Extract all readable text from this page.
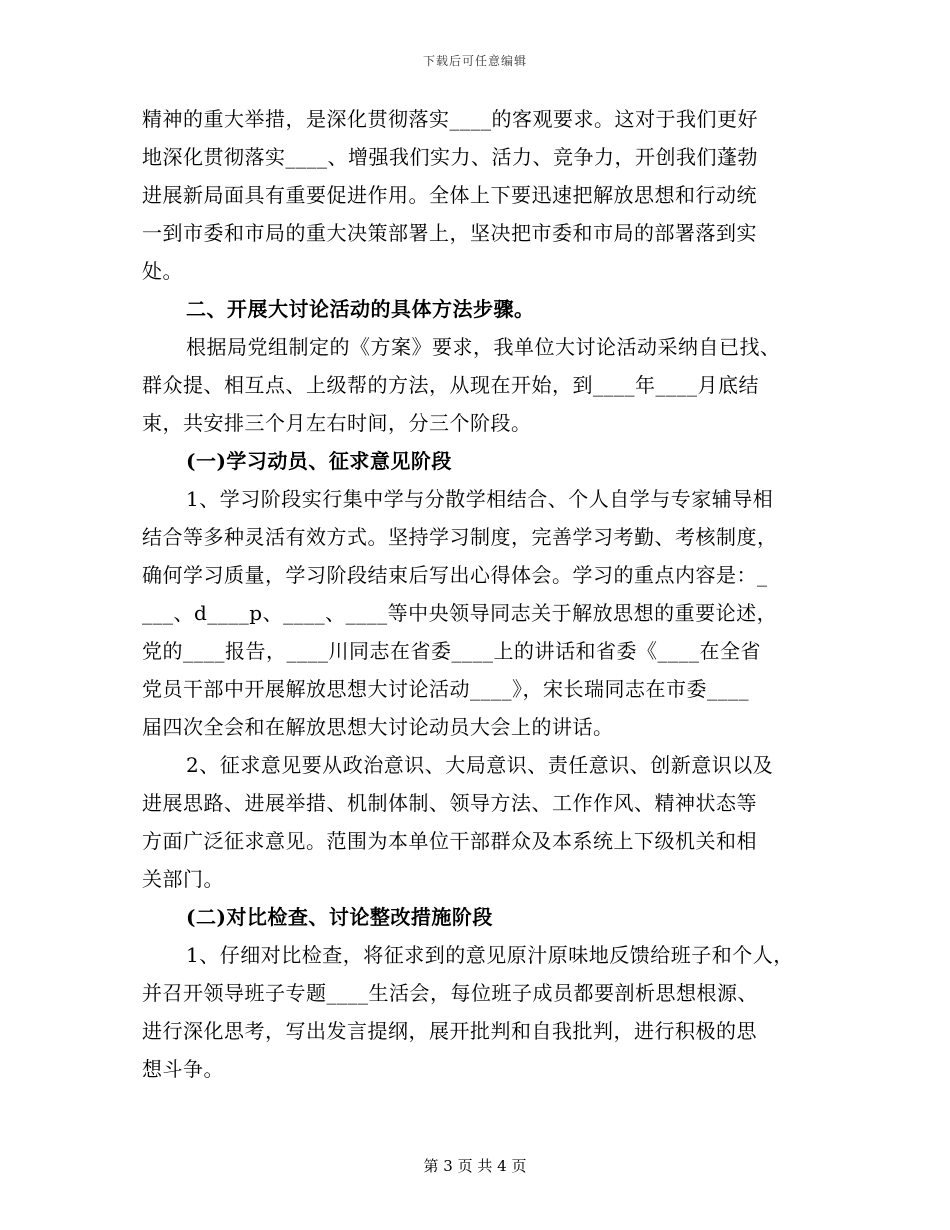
下载后可任意编辑
精神的重大举措，是深化贯彻落实____的客观要求。这对于我们更好
地深化贯彻落实____、增强我们实力、活力、竞争力，开创我们蓬勃
进展新局面具有重要促进作用。全体上下要迅速把解放思想和行动统
一到市委和市局的重大决策部署上，坚决把市委和市局的部署落到实
处。
二、开展大讨论活动的具体方法步骤。
根据局党组制定的《方案》要求，我单位大讨论活动采纳自已找、
群众提、相互点、上级帮的方法，从现在开始，到____年____月底结
束，共安排三个月左右时间，分三个阶段。
(一)学习动员、征求意见阶段
1、学习阶段实行集中学与分散学相结合、个人自学与专家辅导相
结合等多种灵活有效方式。坚持学习制度，完善学习考勤、考核制度，
确何学习质量，学习阶段结束后写出心得体会。学习的重点内容是：_
___、d____p、____、____等中央领导同志关于解放思想的重要论述，
党的____报告，____川同志在省委____上的讲话和省委《____在全省
党员干部中开展解放思想大讨论活动____》，宋长瑞同志在市委____
届四次全会和在解放思想大讨论动员大会上的讲话。
2、征求意见要从政治意识、大局意识、责任意识、创新意识以及
进展思路、进展举措、机制体制、领导方法、工作作风、精神状态等
方面广泛征求意见。范围为本单位干部群众及本系统上下级机关和相
关部门。
(二)对比检查、讨论整改措施阶段
1、仔细对比检查，将征求到的意见原汁原味地反馈给班子和个人，
并召开领导班子专题____生活会，每位班子成员都要剖析思想根源、
进行深化思考，写出发言提纲，展开批判和自我批判，进行积极的思
想斗争。
第 3 页 共 4 页
